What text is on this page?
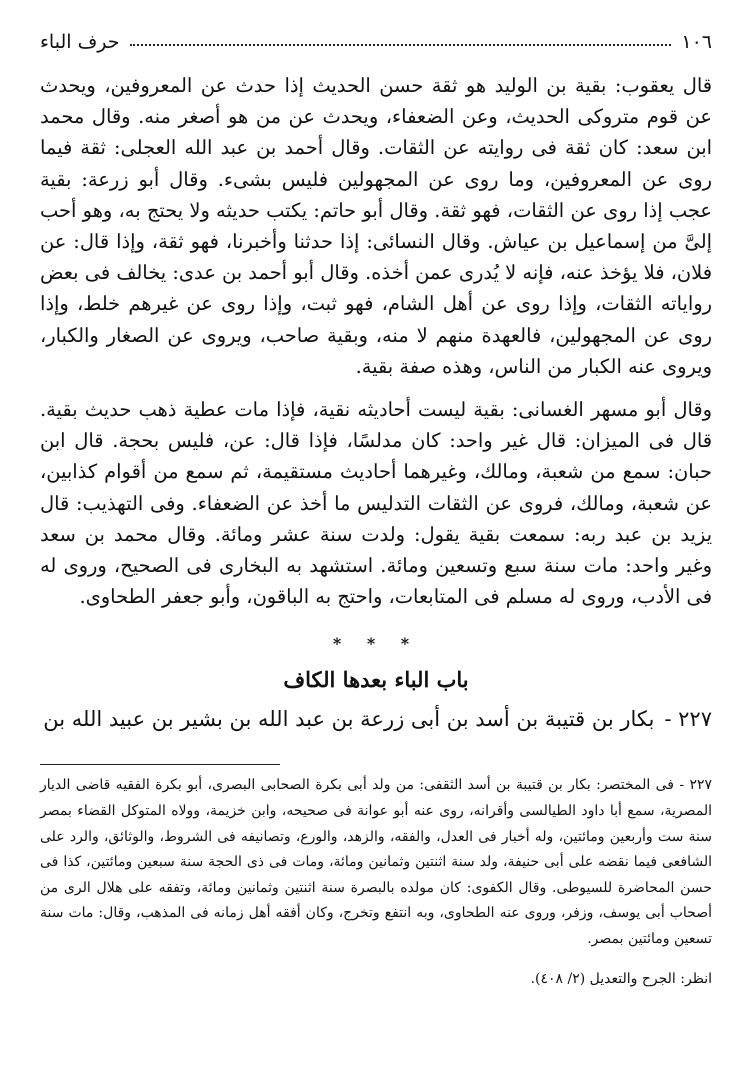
١٠٦
حرف الباء

قال يعقوب: بقية بن الوليد هو ثقة حسن الحديث إذا حدث عن المعروفين، ويحدث عن قوم متروكى الحديث، وعن الضعفاء، ويحدث عن من هو أصغر منه. وقال محمد ابن سعد: كان ثقة فى روايته عن الثقات. وقال أحمد بن عبد الله العجلى: ثقة فيما روى عن المعروفين، وما روى عن المجهولين فليس بشىء. وقال أبو زرعة: بقية عجب إذا روى عن الثقات، فهو ثقة. وقال أبو حاتم: يكتب حديثه ولا يحتج به، وهو أحب إلىَّ من إسماعيل بن عياش. وقال النسائى: إذا حدثنا وأخبرنا، فهو ثقة، وإذا قال: عن فلان، فلا يؤخذ عنه، فإنه لا يُدرى عمن أخذه. وقال أبو أحمد بن عدى: يخالف فى بعض رواياته الثقات، وإذا روى عن أهل الشام، فهو ثبت، وإذا روى عن غيرهم خلط، وإذا روى عن المجهولين، فالعهدة منهم لا منه، وبقية صاحب، ويروى عن الصغار والكبار، ويروى عنه الكبار من الناس، وهذه صفة بقية.

وقال أبو مسهر الغسانى: بقية ليست أحاديثه نقية، فإذا مات عطية ذهب حديث بقية. قال فى الميزان: قال غير واحد: كان مدلسًا، فإذا قال: عن، فليس بحجة. قال ابن حبان: سمع من شعبة، ومالك، وغيرهما أحاديث مستقيمة، ثم سمع من أقوام كذابين، عن شعبة، ومالك، فروى عن الثقات التدليس ما أخذ عن الضعفاء. وفى التهذيب: قال يزيد بن عبد ربه: سمعت بقية يقول: ولدت سنة عشر ومائة. وقال محمد بن سعد وغير واحد: مات سنة سبع وتسعين ومائة. استشهد به البخارى فى الصحيح، وروى له فى الأدب، وروى له مسلم فى المتابعات، واحتج به الباقون، وأبو جعفر الطحاوى.

* * *
باب الباء بعدها الكاف
٢٢٧ -بكار بن قتيبة بن أسد بن أبى زرعة بن عبد الله بن بشير بن عبيد الله بن

٢٢٧ - فى المختصر: بكار بن قتيبة بن أسد الثقفى: من ولد أبى بكرة الصحابى البصرى، أبو بكرة الفقيه قاضى الديار المصرية، سمع أبا داود الطيالسى وأقرانه، روى عنه أبو عوانة فى صحيحه، وابن خزيمة، وولاه المتوكل القضاء بمصر سنة ست وأربعين ومائتين، وله أخبار فى العدل، والفقه، والزهد، والورع، وتصانيفه فى الشروط، والوثائق، والرد على الشافعى فيما نقضه على أبى حنيفة، ولد سنة اثنتين وثمانين ومائة، ومات فى ذى الحجة سنة سبعين ومائتين، كذا فى حسن المحاضرة للسيوطى. وقال الكفوى: كان مولده بالبصرة سنة اثنتين وثمانين ومائة، وتفقه على هلال الرى من أصحاب أبى يوسف، وزفر، وروى عنه الطحاوى، وبه انتفع وتخرج، وكان أفقه أهل زمانه فى المذهب، وقال: مات سنة تسعين ومائتين بمصر.

انظر: الجرح والتعديل (٢/ ٤٠٨).
